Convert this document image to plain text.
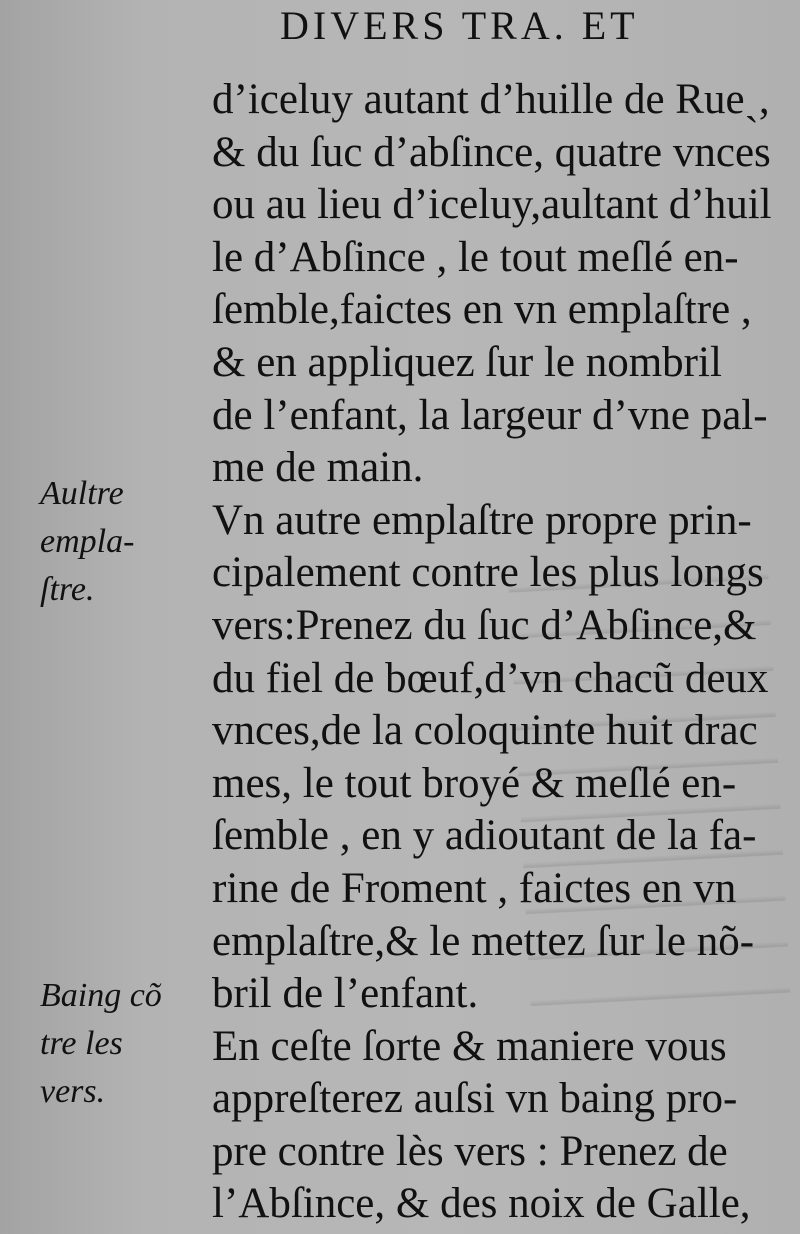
DIVERS TRA. ET
d’iceluy autant d’huille de Rueˎ,
& du ſuc d’abſince, quatre vnces
ou au lieu d’iceluy,aultant d’huil
le d’Abſince , le tout meſlé en-
ſemble,faictes en vn emplaſtre ,
& en appliquez ſur le nombril
de l’enfant, la largeur d’vne pal-
me de main.
Vn autre emplaſtre propre prin-
cipalement contre les plus longs
vers:Prenez du ſuc d’Abſince,&
du fiel de bœuf,d’vn chacũ deux
vnces,de la coloquinte huit drac
mes, le tout broyé & meſlé en-
ſemble , en y adioutant de la fa-
rine de Froment , faictes en vn
emplaſtre,& le mettez ſur le nõ-
bril de l’enfant.
En ceſte ſorte & maniere vous
appreſterez auſsi vn baing pro-
pre contre lès vers : Prenez de
l’Abſince, & des noix de Galle,
Aultre
empla-
ſtre.
Baing cõ
tre les
vers.
